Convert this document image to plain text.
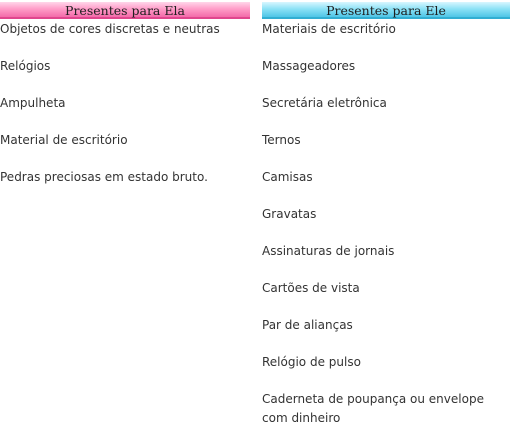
Presentes para Ela
Objetos de cores discretas e neutras
Relógios
Ampulheta
Material de escritório
Pedras preciosas em estado bruto.
Presentes para Ele
Materiais de escritório
Massageadores
Secretária eletrônica
Ternos
Camisas
Gravatas
Assinaturas de jornais
Cartões de vista
Par de alianças
Relógio de pulso
Caderneta de poupança ou envelope com dinheiro
